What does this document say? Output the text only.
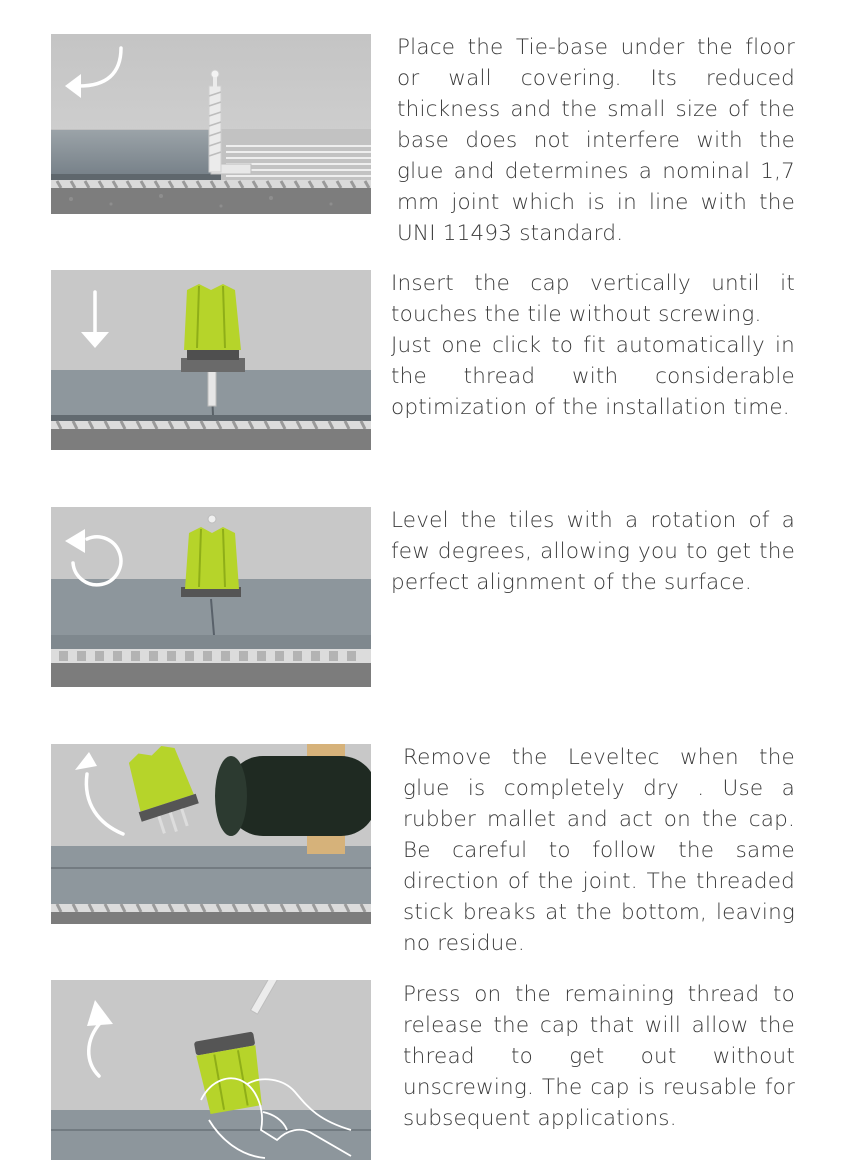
Place the Tie-base under the floor or wall covering. Its reduced thickness and the small size of the base does not interfere with the glue and determines a nominal 1,7 mm joint which is in line with the UNI 11493 standard.
Insert the cap vertically until it touches the tile without screwing.
Just one click to fit automatically in the thread with considerable optimization of the installation time.
Level the tiles with a rotation of a few degrees, allowing you to get the perfect alignment of the surface.
Remove the Leveltec when the glue is completely dry . Use a rubber mallet and act on the cap. Be careful to follow the same direction of the joint. The threaded stick breaks at the bottom, leaving no residue.
Press on the remaining thread to release the cap that will allow the thread to get out without unscrewing. The cap is reusable for subsequent applications.
